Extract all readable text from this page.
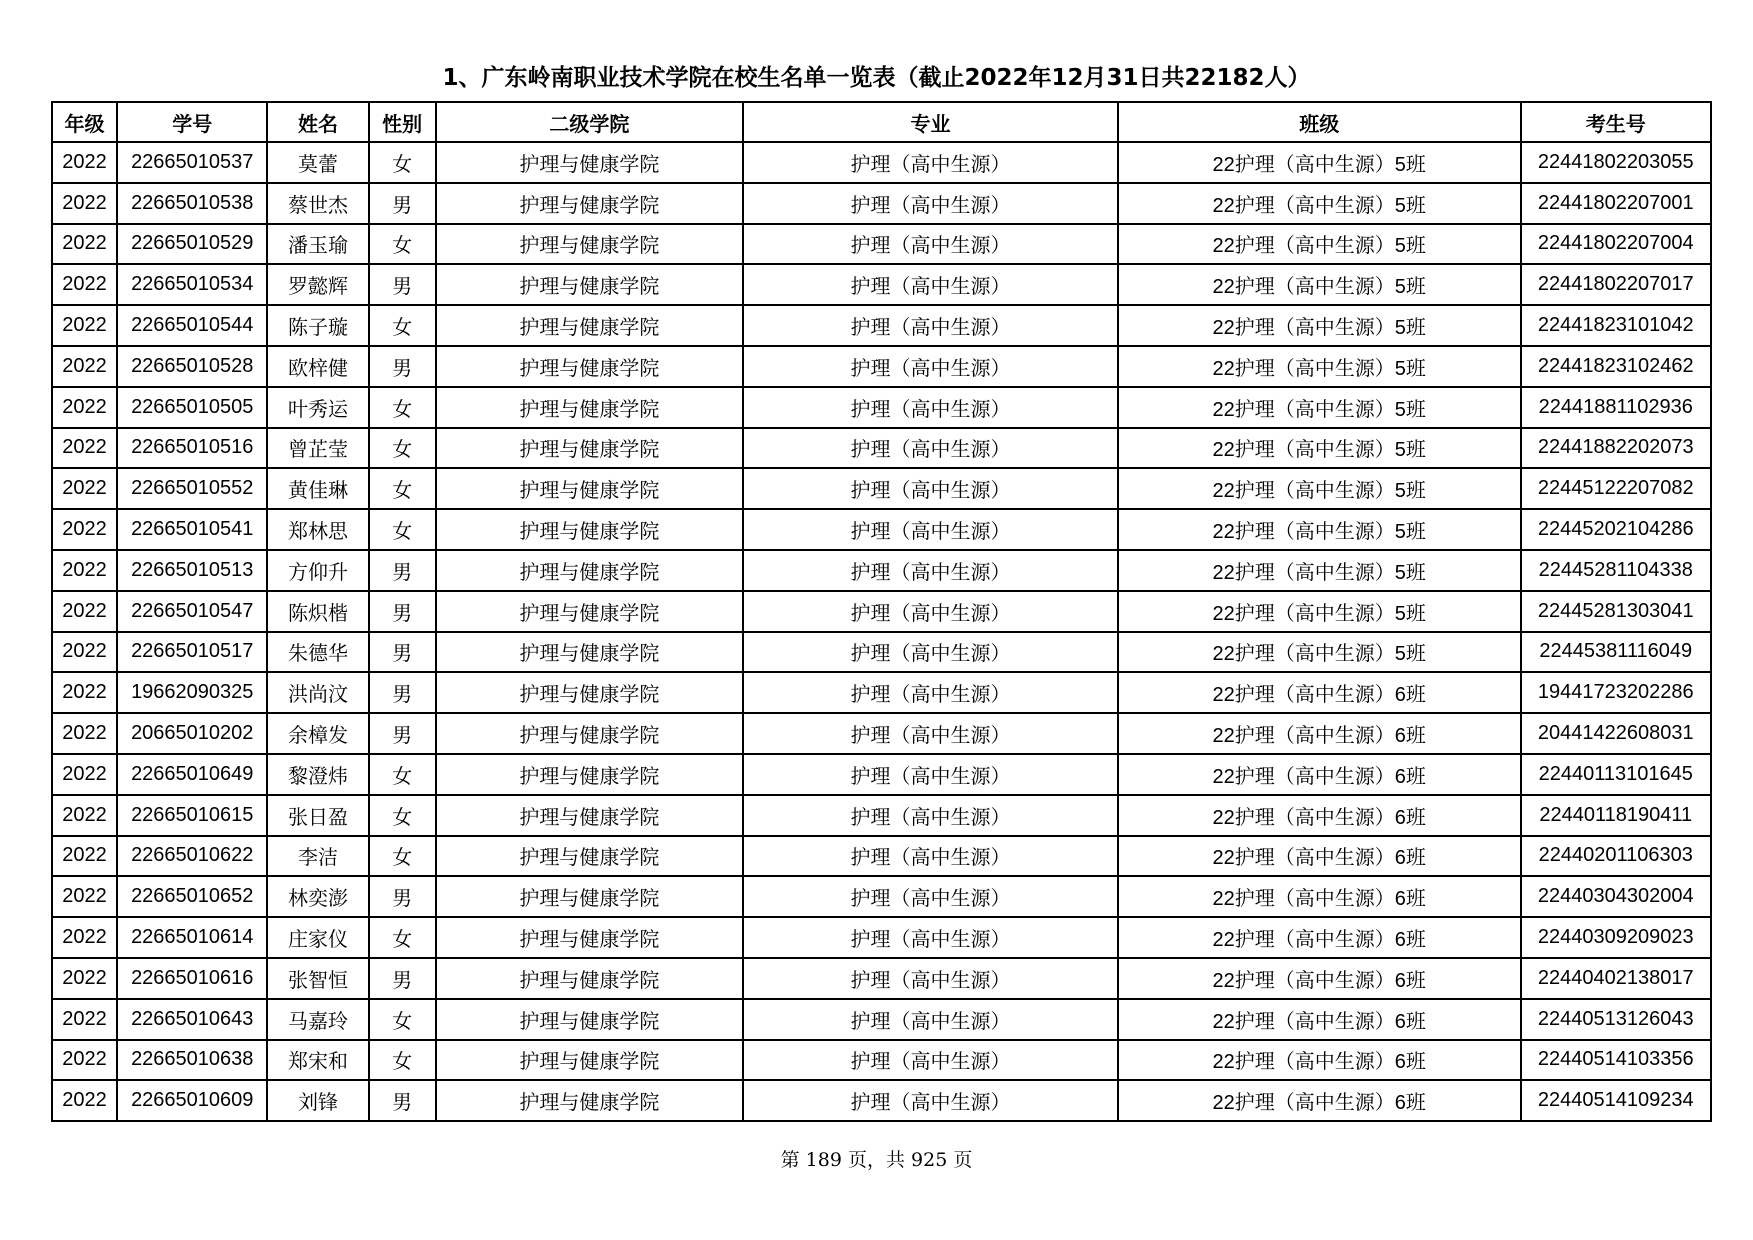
1、广东岭南职业技术学院在校生名单一览表（截止2022年12月31日共22182人）
年级	学号	姓名	性别	二级学院	专业	班级	考生号
2022	22665010537	莫蕾	女	护理与健康学院	护理（高中生源）	22护理（高中生源）5班	22441802203055
2022	22665010538	蔡世杰	男	护理与健康学院	护理（高中生源）	22护理（高中生源）5班	22441802207001
2022	22665010529	潘玉瑜	女	护理与健康学院	护理（高中生源）	22护理（高中生源）5班	22441802207004
2022	22665010534	罗懿辉	男	护理与健康学院	护理（高中生源）	22护理（高中生源）5班	22441802207017
2022	22665010544	陈子璇	女	护理与健康学院	护理（高中生源）	22护理（高中生源）5班	22441823101042
2022	22665010528	欧梓健	男	护理与健康学院	护理（高中生源）	22护理（高中生源）5班	22441823102462
2022	22665010505	叶秀运	女	护理与健康学院	护理（高中生源）	22护理（高中生源）5班	22441881102936
2022	22665010516	曾芷莹	女	护理与健康学院	护理（高中生源）	22护理（高中生源）5班	22441882202073
2022	22665010552	黄佳琳	女	护理与健康学院	护理（高中生源）	22护理（高中生源）5班	22445122207082
2022	22665010541	郑林思	女	护理与健康学院	护理（高中生源）	22护理（高中生源）5班	22445202104286
2022	22665010513	方仰升	男	护理与健康学院	护理（高中生源）	22护理（高中生源）5班	22445281104338
2022	22665010547	陈炽楷	男	护理与健康学院	护理（高中生源）	22护理（高中生源）5班	22445281303041
2022	22665010517	朱德华	男	护理与健康学院	护理（高中生源）	22护理（高中生源）5班	22445381116049
2022	19662090325	洪尚汶	男	护理与健康学院	护理（高中生源）	22护理（高中生源）6班	19441723202286
2022	20665010202	余樟发	男	护理与健康学院	护理（高中生源）	22护理（高中生源）6班	20441422608031
2022	22665010649	黎澄炜	女	护理与健康学院	护理（高中生源）	22护理（高中生源）6班	22440113101645
2022	22665010615	张日盈	女	护理与健康学院	护理（高中生源）	22护理（高中生源）6班	22440118190411
2022	22665010622	李洁	女	护理与健康学院	护理（高中生源）	22护理（高中生源）6班	22440201106303
2022	22665010652	林奕澎	男	护理与健康学院	护理（高中生源）	22护理（高中生源）6班	22440304302004
2022	22665010614	庄家仪	女	护理与健康学院	护理（高中生源）	22护理（高中生源）6班	22440309209023
2022	22665010616	张智恒	男	护理与健康学院	护理（高中生源）	22护理（高中生源）6班	22440402138017
2022	22665010643	马嘉玲	女	护理与健康学院	护理（高中生源）	22护理（高中生源）6班	22440513126043
2022	22665010638	郑宋和	女	护理与健康学院	护理（高中生源）	22护理（高中生源）6班	22440514103356
2022	22665010609	刘锋	男	护理与健康学院	护理（高中生源）	22护理（高中生源）6班	22440514109234
第 189 页，共 925 页
